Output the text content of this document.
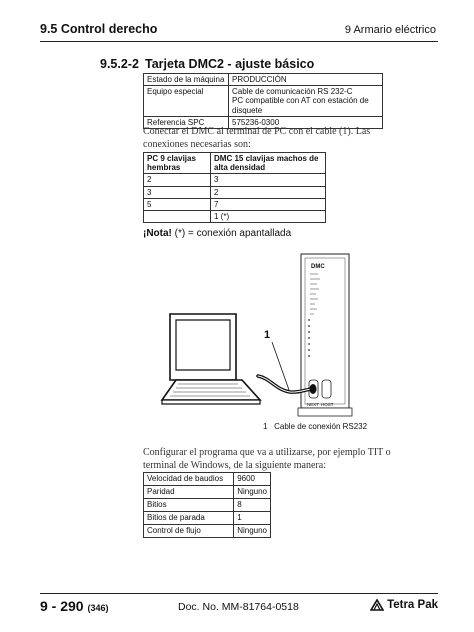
9.5 Control derecho	9 Armario eléctrico
9.5.2-2 Tarjeta DMC2 - ajuste básico
Estado de la máquina	PRODUCCIÓN
Equipo especial	Cable de comunicación RS 232-C
PC compatible con AT con estación de disquete
Referencia SPC	575236-0300
Conectar el DMC al terminal de PC con el cable (1). Las conexiones necesarias son:
PC 9 clavijas hembras	DMC 15 clavijas machos de alta densidad
2	3
3	2
5	7
	1 (*)
¡Nota! (*) = conexión apantallada
DMC
NEXT HOST
1
1 Cable de conexión RS232
Configurar el programa que va a utilizarse, por ejemplo TIT o terminal de Windows, de la siguiente manera:
Velocidad de baudios	9600
Paridad	Ninguno
Bitios	8
Bitios de parada	1
Control de flujo	Ninguno
9 - 290 (346)	Doc. No. MM-81764-0518	Tetra Pak
